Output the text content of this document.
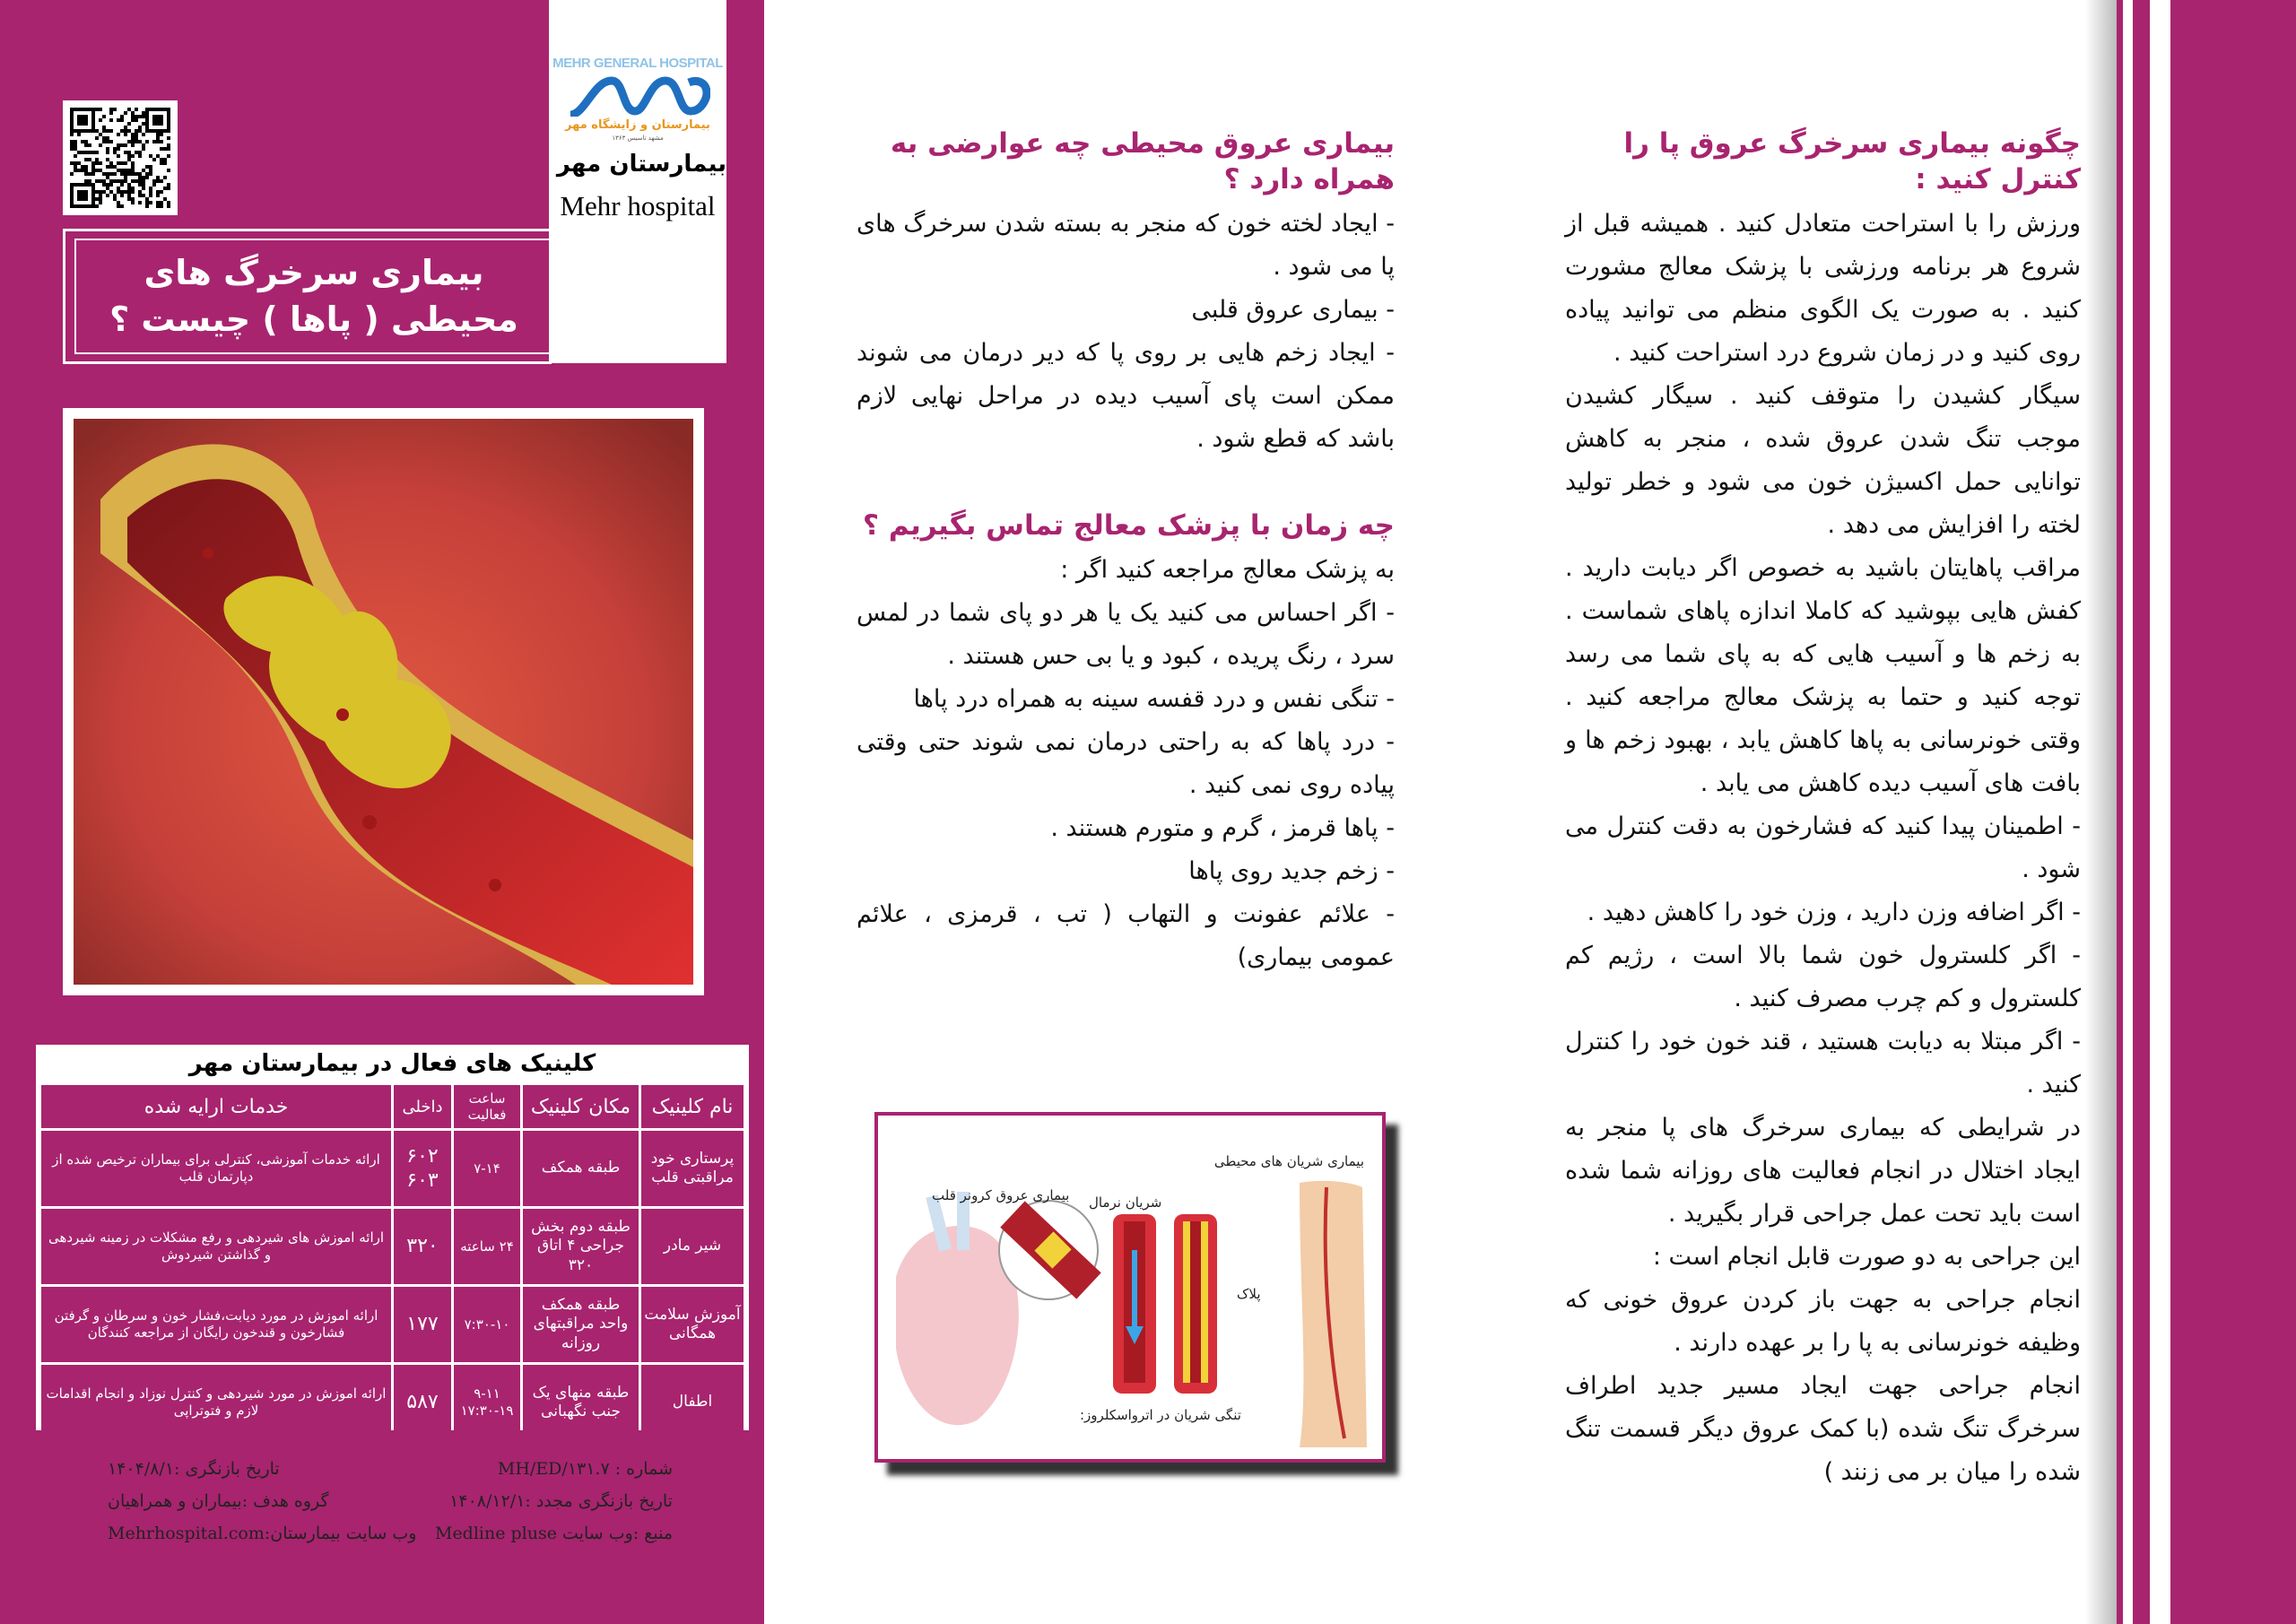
MEHR GENERAL HOSPITAL
بیمارستان و زایشگاه مهر
مشهد تاسیس ۱۳۶۳
بیمارستان مهر
Mehr hospital
بیماری سرخرگ های محیطی ( پاها ) چیست ؟
کلینیک های فعال در بیمارستان مهر
نام کلینیک	مکان کلینیک	ساعت فعالیت	داخلی	خدمات ارایه شده
پرستاری خود مراقبتی قلب	طبقه همکف	۷-۱۴	۶۰۲ ۶۰۳	ارائه خدمات آموزشی، کنترلی برای بیماران ترخیص شده از دپارتمان قلب
شیر مادر	طبقه دوم بخش جراحی ۴ اتاق ۳۲۰	۲۴ ساعته	۳۲۰	ارائه اموزش های شیردهی و رفع مشکلات در زمینه شیردهی و گذاشتن شیردوش
آموزش سلامت همگانی	طبقه همکف واحد مراقبتهای روزانه	۷:۳۰-۱۰	۱۷۷	ارائه اموزش در مورد دیابت،فشار خون و سرطان و گرفتن فشارخون و قندخون رایگان از مراجعه کنندگان
اطفال	طبقه منهای یک جنب نگهبانی	۹-۱۱ ۱۷:۳۰-۱۹	۵۸۷	ارائه اموزش در مورد شیردهی و کنترل نوزاد و انجام اقدامات لازم و فتوتراپی
شماره : MH/ED/۱۳۱.۷
تاریخ بازنگری :۱۴۰۴/۸/۱
تاریخ بازنگری مجدد :۱۴۰۸/۱۲/۱
گروه هدف :بیماران و همراهیان
منبع :وب سایت Medline pluse
وب سایت بیمارستان:Mehrhospital.com
بیماری عروق محیطی چه عوارضی به همراه دارد ؟

- ایجاد لخته خون که منجر به بسته شدن سرخرگ های پا می شود .

- بیماری عروق قلبی

- ایجاد زخم هایی بر روی پا که دیر درمان می شوند ممکن است پای آسیب دیده در مراحل نهایی لازم باشد که قطع شود .

چه زمان با پزشک معالج تماس بگیریم ؟

به پزشک معالج مراجعه کنید اگر :

- اگر احساس می کنید یک یا هر دو پای شما در لمس سرد ، رنگ پریده ، کبود و یا بی حس هستند .

- تنگی نفس و درد قفسه سینه به همراه درد پاها

- درد پاها که به راحتی درمان نمی شوند حتی وقتی پیاده روی نمی کنید .

- پاها قرمز ، گرم و متورم هستند .

- زخم جدید روی پاها

- علائم عفونت و التهاب ( تب ، قرمزی ، علائم عمومی بیماری)

بیماری شریان های محیطی
بیماری عروق کرونر قلب شریان نرمال
پلاک
تنگی شریان در اترواسکلروز:
چگونه بیماری سرخرگ عروق پا را کنترل کنید :

ورزش را با استراحت متعادل کنید . همیشه قبل از شروع هر برنامه ورزشی با پزشک معالج مشورت کنید . به صورت یک الگوی منظم می توانید پیاده روی کنید و در زمان شروع درد استراحت کنید .

سیگار کشیدن را متوقف کنید . سیگار کشیدن موجب تنگ شدن عروق شده ، منجر به کاهش توانایی حمل اکسیژن خون می شود و خطر تولید لخته را افزایش می دهد .

مراقب پاهایتان باشید به خصوص اگر دیابت دارید . کفش هایی بپوشید که کاملا اندازه پاهای شماست . به زخم ها و آسیب هایی که به پای شما می رسد توجه کنید و حتما به پزشک معالج مراجعه کنید . وقتی خونرسانی به پاها کاهش یابد ، بهبود زخم ها و بافت های آسیب دیده کاهش می یابد .

- اطمینان پیدا کنید که فشارخون به دقت کنترل می شود .

- اگر اضافه وزن دارید ، وزن خود را کاهش دهید .

- اگر کلسترول خون شما بالا است ، رژیم کم کلسترول و کم چرب مصرف کنید .

- اگر مبتلا به دیابت هستید ، قند خون خود را کنترل کنید .

در شرایطی که بیماری سرخرگ های پا منجر به ایجاد اختلال در انجام فعالیت های روزانه شما شده است باید تحت عمل جراحی قرار بگیرید .

این جراحی به دو صورت قابل انجام است :

انجام جراحی به جهت باز کردن عروق خونی که وظیفه خونرسانی به پا را بر عهده دارند .

انجام جراحی جهت ایجاد مسیر جدید اطراف سرخرگ تنگ شده (با کمک عروق دیگر قسمت تنگ شده را میان بر می زنند )
